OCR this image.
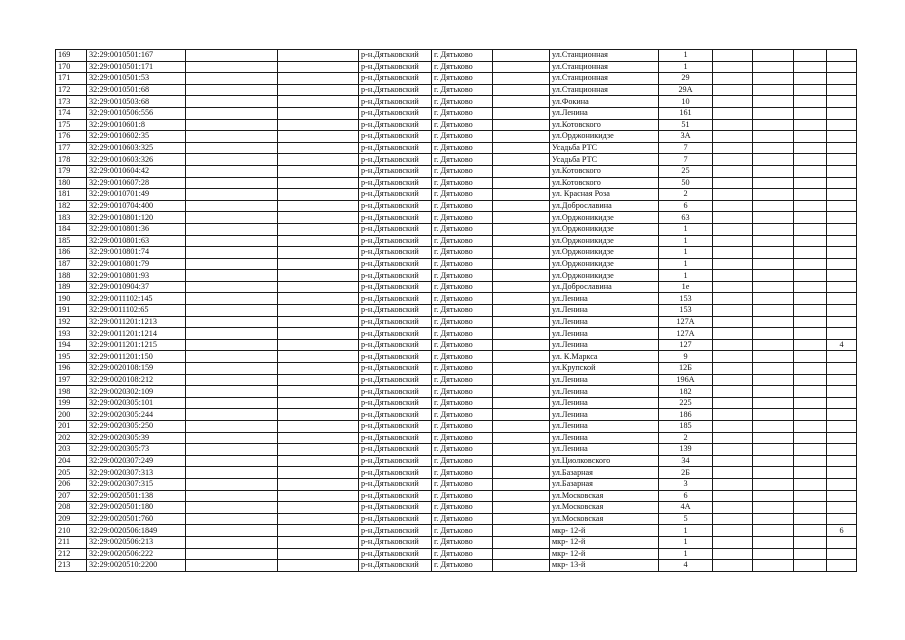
169	32:29:0010501:167			р-н.Дятьковский	г. Дятьково		ул.Станционная	1				
170	32:29:0010501:171			р-н.Дятьковский	г. Дятьково		ул.Станционная	1				
171	32:29:0010501:53			р-н.Дятьковский	г. Дятьково		ул.Станционная	29				
172	32:29:0010501:68			р-н.Дятьковский	г. Дятьково		ул.Станционная	29А				
173	32:29:0010503:68			р-н.Дятьковский	г. Дятьково		ул.Фокина	10				
174	32:29:0010506:556			р-н.Дятьковский	г. Дятьково		ул.Ленина	161				
175	32:29:0010601:8			р-н.Дятьковский	г. Дятьково		ул.Котовского	51				
176	32:29:0010602:35			р-н.Дятьковский	г. Дятьково		ул.Орджоникидзе	3А				
177	32:29:0010603:325			р-н.Дятьковский	г. Дятьково		Усадьба РТС	7				
178	32:29:0010603:326			р-н.Дятьковский	г. Дятьково		Усадьба РТС	7				
179	32:29:0010604:42			р-н.Дятьковский	г. Дятьково		ул.Котовского	25				
180	32:29:0010607:28			р-н.Дятьковский	г. Дятьково		ул.Котовского	50				
181	32:29:0010701:49			р-н.Дятьковский	г. Дятьково		ул. Красная Роза	2				
182	32:29:0010704:400			р-н.Дятьковский	г. Дятьково		ул.Доброславина	6				
183	32:29:0010801:120			р-н.Дятьковский	г. Дятьково		ул.Орджоникидзе	63				
184	32:29:0010801:36			р-н.Дятьковский	г. Дятьково		ул.Орджоникидзе	1				
185	32:29:0010801:63			р-н.Дятьковский	г. Дятьково		ул.Орджоникидзе	1				
186	32:29:0010801:74			р-н.Дятьковский	г. Дятьково		ул.Орджоникидзе	1				
187	32:29:0010801:79			р-н.Дятьковский	г. Дятьково		ул.Орджоникидзе	1				
188	32:29:0010801:93			р-н.Дятьковский	г. Дятьково		ул.Орджоникидзе	1				
189	32:29:0010904:37			р-н.Дятьковский	г. Дятьково		ул.Доброславина	1е				
190	32:29:0011102:145			р-н.Дятьковский	г. Дятьково		ул.Ленина	153				
191	32:29:0011102:65			р-н.Дятьковский	г. Дятьково		ул.Ленина	153				
192	32:29:0011201:1213			р-н.Дятьковский	г. Дятьково		ул.Ленина	127А				
193	32:29:0011201:1214			р-н.Дятьковский	г. Дятьково		ул.Ленина	127А				
194	32:29:0011201:1215			р-н.Дятьковский	г. Дятьково		ул.Ленина	127				4
195	32:29:0011201:150			р-н.Дятьковский	г. Дятьково		ул. К.Маркса	9				
196	32:29:0020108:159			р-н.Дятьковский	г. Дятьково		ул.Крупской	12Б				
197	32:29:0020108:212			р-н.Дятьковский	г. Дятьково		ул.Ленина	196А				
198	32:29:0020302:109			р-н.Дятьковский	г. Дятьково		ул.Ленина	182				
199	32:29:0020305:101			р-н.Дятьковский	г. Дятьково		ул.Ленина	225				
200	32:29:0020305:244			р-н.Дятьковский	г. Дятьково		ул.Ленина	186				
201	32:29:0020305:250			р-н.Дятьковский	г. Дятьково		ул.Ленина	185				
202	32:29:0020305:39			р-н.Дятьковский	г. Дятьково		ул.Ленина	2				
203	32:29:0020305:73			р-н.Дятьковский	г. Дятьково		ул.Ленина	139				
204	32:29:0020307:249			р-н.Дятьковский	г. Дятьково		ул.Циолковского	34				
205	32:29:0020307:313			р-н.Дятьковский	г. Дятьково		ул.Базарная	2Б				
206	32:29:0020307:315			р-н.Дятьковский	г. Дятьково		ул.Базарная	3				
207	32:29:0020501:138			р-н.Дятьковский	г. Дятьково		ул.Московская	6				
208	32:29:0020501:180			р-н.Дятьковский	г. Дятьково		ул.Московская	4А				
209	32:29:0020501:760			р-н.Дятьковский	г. Дятьково		ул.Московская	5				
210	32:29:0020506:1849			р-н.Дятьковский	г. Дятьково		мкр- 12-й	1				6
211	32:29:0020506:213			р-н.Дятьковский	г. Дятьково		мкр- 12-й	1				
212	32:29:0020506:222			р-н.Дятьковский	г. Дятьково		мкр- 12-й	1				
213	32:29:0020510:2200			р-н.Дятьковский	г. Дятьково		мкр- 13-й	4				
